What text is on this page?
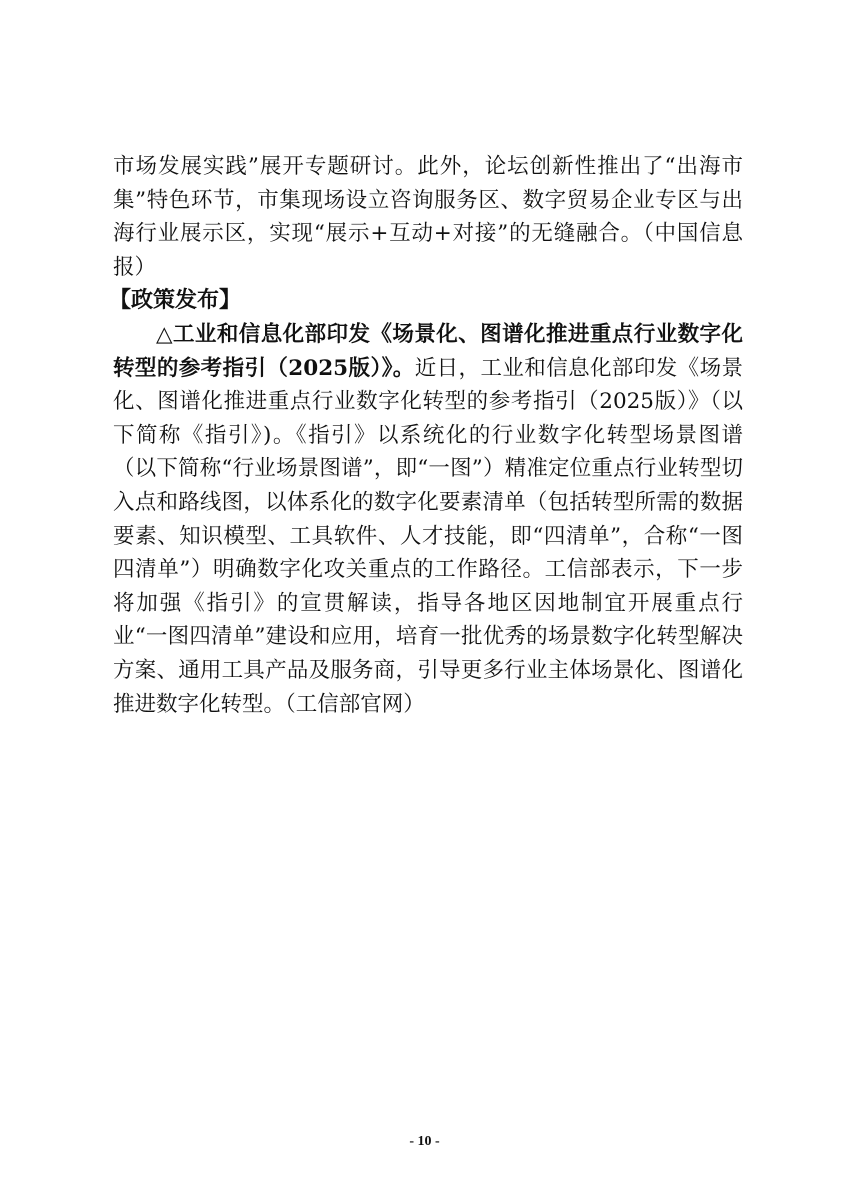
市场发展实践”展开专题研讨。此外，论坛创新性推出了“出海市集”特色环节，市集现场设立咨询服务区、数字贸易企业专区与出海行业展示区，实现“展示+互动+对接”的无缝融合。（中国信息报）

【政策发布】

△工业和信息化部印发《场景化、图谱化推进重点行业数字化转型的参考指引（2025版）》。近日，工业和信息化部印发《场景化、图谱化推进重点行业数字化转型的参考指引（2025版）》（以下简称《指引》)。《指引》以系统化的行业数字化转型场景图谱（以下简称“行业场景图谱”，即“一图”）精准定位重点行业转型切入点和路线图，以体系化的数字化要素清单（包括转型所需的数据要素、知识模型、工具软件、人才技能，即“四清单”，合称“一图四清单”）明确数字化攻关重点的工作路径。工信部表示，下一步将加强《指引》的宣贯解读，指导各地区因地制宜开展重点行业“一图四清单”建设和应用，培育一批优秀的场景数字化转型解决方案、通用工具产品及服务商，引导更多行业主体场景化、图谱化推进数字化转型。（工信部官网）

- 10 -
